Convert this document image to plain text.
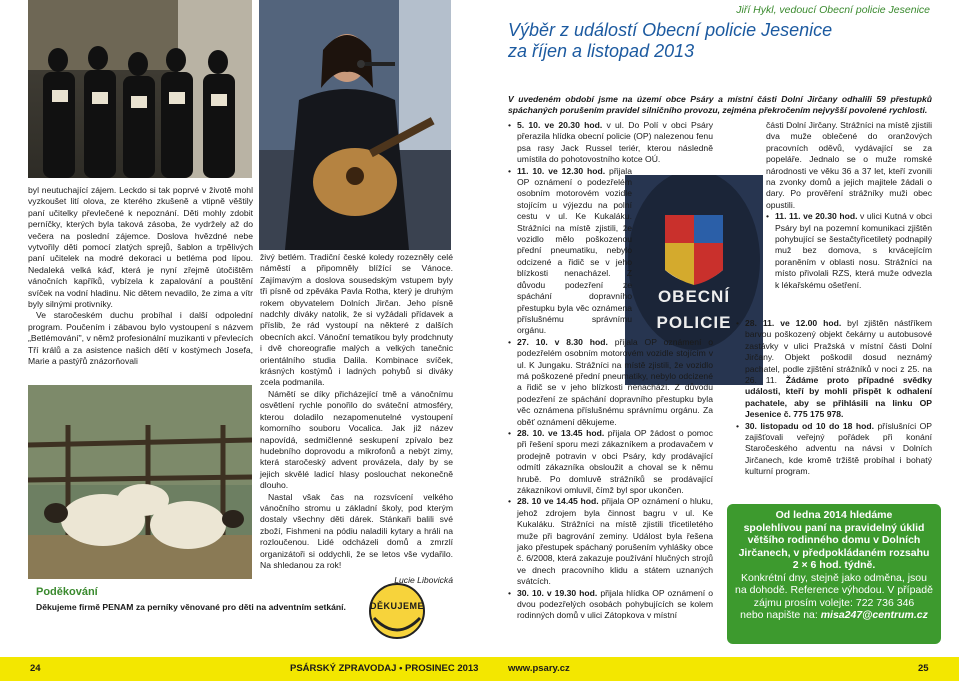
byl neutuchající zájem. Leckdo si tak poprvé v životě mohl vyzkoušet lití olova, ze kterého zkušeně a vtipně věštily paní učitelky převlečené k nepoznání. Děti mohly zdobit perníčky, kterých byla taková zásoba, že vydržely až do večera na poslední zájemce. Doslova hvězdné nebe vytvořily děti pomocí zlatých sprejů, šablon a trpělivých paní učitelek na modré dekoraci u betléma pod lípou. Nedaleká velká káď, která je nyní zřejmě útočištěm vánočních kapříků, vybízela k zapalování a pouštění svíček na vodní hladinu. Nic dětem nevadilo, že zima a vítr byly silnými protivníky.

Ve staročeském duchu probíhal i další odpolední program. Poučením i zábavou bylo vystoupení s názvem „Betlémování", v němž profesionální muzikanti v převlecích Tří králů a za asistence našich dětí v kostýmech Josefa, Marie a pastýřů znázorňovali

živý betlém. Tradiční české koledy rozezněly celé náměstí a připomněly blížící se Vánoce. Zajímavým a doslova sousedským vstupem byly tři písně od zpěváka Pavla Rotha, který je druhým rokem obyvatelem Dolních Jirčan. Jeho písně nadchly diváky natolik, že si vyžádali přídavek a příslib, že rád vystoupí na některé z dalších obecních akcí. Vánoční tematikou byly prodchnuty i dvě choreografie malých a velkých tanečnic orientálního studia Dalila. Kombinace svíček, krásných kostýmů i ladných pohybů si diváky zcela podmanila.

Námětí se díky přicházející tmě a vánočnímu osvětlení rychle ponořilo do sváteční atmosféry, kterou doladilo nezapomenutelné vystoupení komorního souboru Vocalica. Jak již název napovídá, sedmičlenné seskupení zpívalo bez hudebního doprovodu a mikrofonů a nebýt zimy, která staročeský advent provázela, daly by se jejich skvělé ladicí hlasy poslouchat nekonečně dlouho.

Nastal však čas na rozsvícení velkého vánočního stromu u základní školy, pod kterým dostaly všechny děti dárek. Stánkaři balili své zboží, Fishmeni na pódiu naladili kytary a hráli na rozloučenou. Lidé odcházeli domů a zmrzlí organizátoři si oddychli, že se letos vše vydařilo. Na shledanou za rok!

Lucie Libovická

Poděkování
Děkujeme firmě PENAM za perníky věnované pro děti na adventním setkání.	DĚKUJEME
Jiří Hykl, vedoucí Obecní policie Jesenice
Výběr z událostí Obecní policie Jesenice
za říjen a listopad 2013
V uvedeném období jsme na území obce Psáry a místní části Dolní Jirčany odhalili 59 přestupků spáchaných porušením pravidel silničního provozu, zejména překročením nejvyšší povolené rychlosti.
OBECNÍ
POLICIE
• 5. 10. ve 20.30 hod. v ul. Do Polí v obci Psáry přerazila hlídka obecní policie (OP) nalezenou fenu psa rasy Jack Russel teriér, kterou následně umístila do pohotovostního kotce OÚ.
• 11. 10. ve 12.30 hod. přijala OP oznámení o podezřelém osobním motorovém vozidle stojícím u výjezdu na polní cestu v ul. Ke Kukaláku. Strážníci na místě zjistili, že vozidlo mělo poškozenou přední pneumatiku, nebylo odcizené a řidič se v jeho blízkosti nenacházel. Z důvodu podezření ze spáchání dopravního přestupku byla věc oznámena příslušnému správnímu orgánu.
• 27. 10. v 8.30 hod. přijala OP oznámení o podezřelém osobním motorovém vozidle stojícím v ul. K Jungaku. Strážníci na místě zjistili, že vozidlo má poškozené přední pneumatiky, nebylo odcizené a řidič se v jeho blízkosti nenachází. Z důvodu podezření ze spáchání dopravního přestupku byla věc oznámena příslušnému správnímu orgánu. Za oběť oznámení děkujeme.
• 28. 10. ve 13.45 hod. přijala OP žádost o pomoc při řešení sporu mezi zákazníkem a prodavačem v prodejně potravin v obci Psáry, kdy prodávající odmítl zákazníka obsloužit a choval se k němu hrubě. Po domluvě strážníků se prodávající zákazníkovi omluvil, čímž byl spor ukončen.
• 28. 10 ve 14.45 hod. přijala OP oznámení o hluku, jehož zdrojem byla činnost bagru v ul. Ke Kukaláku. Strážníci na místě zjistili třicetiletého muže při bagrování zeminy. Událost byla řešena jako přestupek spáchaný porušením vyhlášky obce č. 6/2008, která zakazuje používání hlučných strojů ve dnech pracovního klidu a státem uznaných svátcích.
• 30. 10. v 19.30 hod. přijala hlídka OP oznámení o dvou podezřelých osobách pohybujících se kolem rodinných domů v ulici Zátopkova v místní

části Dolní Jirčany. Strážníci na místě zjistili dva muže oblečené do oranžových pracovních oděvů, vydávající se za popeláře. Jednalo se o muže romské národnosti ve věku 36 a 37 let, kteří zvonili na zvonky domů a jejich majitele žádali o dary. Po prověření strážníky muži obec opustili.

• 11. 11. ve 20.30 hod. v ulici Kutná v obci Psáry byl na pozemní komunikaci zjištěn pohybující se šestačtyřicetiletý podnapilý muž bez domova, s krvácejícím poraněním v oblasti nosu. Strážníci na místo přivolali RZS, která muže odvezla k lékařskému ošetření.
• 28. 11. ve 12.00 hod. byl zjištěn nástříkem barvou poškozený objekt čekárny u autobusové zastávky v ulici Pražská v místní části Dolní Jirčany. Objekt poškodil dosud neznámý pachatel, podle zjištění strážníků v noci z 25. na 26. 11. Žádáme proto případné svědky události, kteří by mohli přispět k odhalení pachatele, aby se přihlásili na linku OP Jesenice č. 775 175 978.
• 30. listopadu od 10 do 18 hod. příslušníci OP zajišťovali veřejný pořádek při konání Staročeského adventu na návsi v Dolních Jirčanech, kde kromě tržiště probíhal i bohatý kulturní program.
Od ledna 2014 hledáme
spolehlivou paní na pravidelný úklid
většího rodinného domu v Dolních
Jirčanech, v předpokládaném rozsahu
2 × 6 hod. týdně.
Konkrétní dny, stejně jako odměna, jsou
na dohodě. Reference výhodou. V případě zájmu prosím volejte: 722 736 346
nebo napište na: misa247@centrum.cz
24	PSÁRSKÝ ZPRAVODAJ • PROSINEC 2013	www.psary.cz	25
